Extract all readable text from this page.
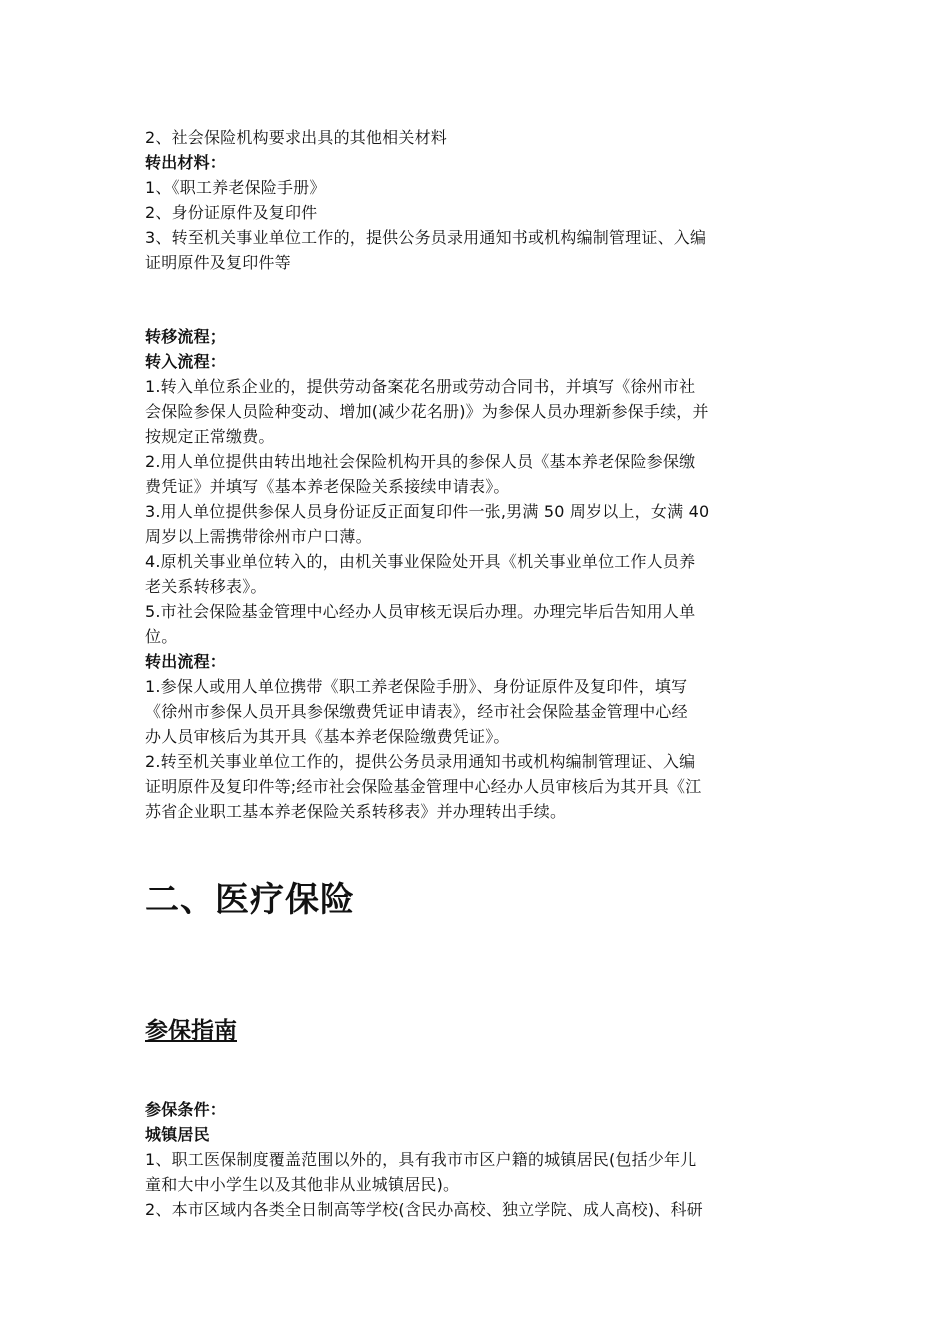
2、社会保险机构要求出具的其他相关材料
转出材料：
1、《职工养老保险手册》
2、身份证原件及复印件
3、转至机关事业单位工作的，提供公务员录用通知书或机构编制管理证、入编
证明原件及复印件等
转移流程；
转入流程：
1.转入单位系企业的，提供劳动备案花名册或劳动合同书，并填写《徐州市社
会保险参保人员险种变动、增加(减少花名册)》为参保人员办理新参保手续，并
按规定正常缴费。
2.用人单位提供由转出地社会保险机构开具的参保人员《基本养老保险参保缴
费凭证》并填写《基本养老保险关系接续申请表》。
3.用人单位提供参保人员身份证反正面复印件一张,男满 50 周岁以上，女满 40
周岁以上需携带徐州市户口薄。
4.原机关事业单位转入的，由机关事业保险处开具《机关事业单位工作人员养
老关系转移表》。
5.市社会保险基金管理中心经办人员审核无误后办理。办理完毕后告知用人单
位。
转出流程：
1.参保人或用人单位携带《职工养老保险手册》、身份证原件及复印件，填写
《徐州市参保人员开具参保缴费凭证申请表》，经市社会保险基金管理中心经
办人员审核后为其开具《基本养老保险缴费凭证》。
2.转至机关事业单位工作的，提供公务员录用通知书或机构编制管理证、入编
证明原件及复印件等;经市社会保险基金管理中心经办人员审核后为其开具《江
苏省企业职工基本养老保险关系转移表》并办理转出手续。
二、医疗保险
参保指南
参保条件：
城镇居民
1、职工医保制度覆盖范围以外的，具有我市市区户籍的城镇居民(包括少年儿
童和大中小学生以及其他非从业城镇居民)。
2、本市区域内各类全日制高等学校(含民办高校、独立学院、成人高校)、科研
